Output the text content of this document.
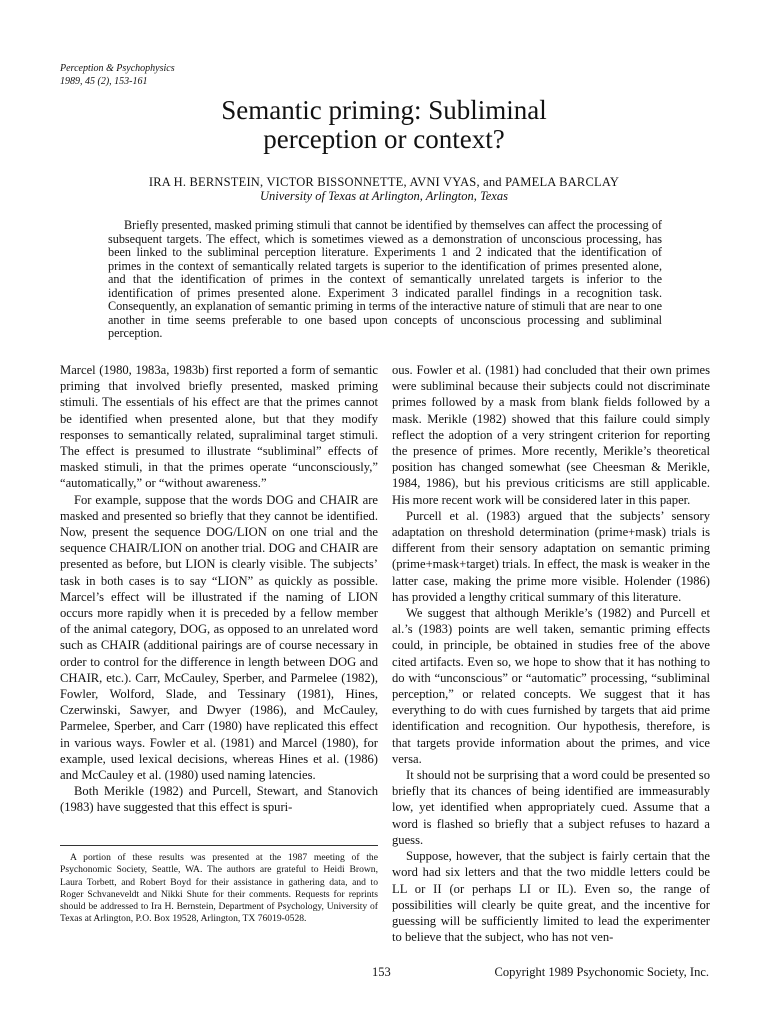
Perception & Psychophysics
1989, 45 (2), 153-161
Semantic priming: Subliminal
perception or context?
IRA H. BERNSTEIN, VICTOR BISSONNETTE, AVNI VYAS, and PAMELA BARCLAY
University of Texas at Arlington, Arlington, Texas

Briefly presented, masked priming stimuli that cannot be identified by themselves can affect the processing of subsequent targets. The effect, which is sometimes viewed as a demonstration of unconscious processing, has been linked to the subliminal perception literature. Experiments 1 and 2 indicated that the identification of primes in the context of semantically related targets is superior to the identification of primes presented alone, and that the identification of primes in the context of semantically unrelated targets is inferior to the identification of primes presented alone. Experiment 3 indicated parallel findings in a recognition task. Consequently, an explanation of semantic priming in terms of the interactive nature of stimuli that are near to one another in time seems preferable to one based upon concepts of unconscious processing and subliminal perception.

Marcel (1980, 1983a, 1983b) first reported a form of semantic priming that involved briefly presented, masked priming stimuli. The essentials of his effect are that the primes cannot be identified when presented alone, but that they modify responses to semantically related, supraliminal target stimuli. The effect is presumed to illustrate “subliminal” effects of masked stimuli, in that the primes operate “unconsciously,” “automatically,” or “without awareness.”

For example, suppose that the words DOG and CHAIR are masked and presented so briefly that they cannot be identified. Now, present the sequence DOG/LION on one trial and the sequence CHAIR/LION on another trial. DOG and CHAIR are presented as before, but LION is clearly visible. The subjects’ task in both cases is to say “LION” as quickly as possible. Marcel’s effect will be illustrated if the naming of LION occurs more rapidly when it is preceded by a fellow member of the animal category, DOG, as opposed to an unrelated word such as CHAIR (additional pairings are of course necessary in order to control for the difference in length between DOG and CHAIR, etc.). Carr, McCauley, Sperber, and Parmelee (1982), Fowler, Wolford, Slade, and Tessinary (1981), Hines, Czerwinski, Sawyer, and Dwyer (1986), and McCauley, Parmelee, Sperber, and Carr (1980) have replicated this effect in various ways. Fowler et al. (1981) and Marcel (1980), for example, used lexical decisions, whereas Hines et al. (1986) and McCauley et al. (1980) used naming latencies.

Both Merikle (1982) and Purcell, Stewart, and Stanovich (1983) have suggested that this effect is spuri-

ous. Fowler et al. (1981) had concluded that their own primes were subliminal because their subjects could not discriminate primes followed by a mask from blank fields followed by a mask. Merikle (1982) showed that this failure could simply reflect the adoption of a very stringent criterion for reporting the presence of primes. More recently, Merikle’s theoretical position has changed somewhat (see Cheesman & Merikle, 1984, 1986), but his previous criticisms are still applicable. His more recent work will be considered later in this paper.

Purcell et al. (1983) argued that the subjects’ sensory adaptation on threshold determination (prime+mask) trials is different from their sensory adaptation on semantic priming (prime+mask+target) trials. In effect, the mask is weaker in the latter case, making the prime more visible. Holender (1986) has provided a lengthy critical summary of this literature.

We suggest that although Merikle’s (1982) and Purcell et al.’s (1983) points are well taken, semantic priming effects could, in principle, be obtained in studies free of the above cited artifacts. Even so, we hope to show that it has nothing to do with “unconscious” or “automatic” processing, “subliminal perception,” or related concepts. We suggest that it has everything to do with cues furnished by targets that aid prime identification and recognition. Our hypothesis, therefore, is that targets provide information about the primes, and vice versa.

It should not be surprising that a word could be presented so briefly that its chances of being identified are immeasurably low, yet identified when appropriately cued. Assume that a word is flashed so briefly that a subject refuses to hazard a guess.

Suppose, however, that the subject is fairly certain that the word had six letters and that the two middle letters could be LL or II (or perhaps LI or IL). Even so, the range of possibilities will clearly be quite great, and the incentive for guessing will be sufficiently limited to lead the experimenter to believe that the subject, who has not ven-

A portion of these results was presented at the 1987 meeting of the Psychonomic Society, Seattle, WA. The authors are grateful to Heidi Brown, Laura Torbett, and Robert Boyd for their assistance in gathering data, and to Roger Schvaneveldt and Nikki Shute for their comments. Requests for reprints should be addressed to Ira H. Bernstein, Department of Psychology, University of Texas at Arlington, P.O. Box 19528, Arlington, TX 76019-0528.

153	Copyright 1989 Psychonomic Society, Inc.
